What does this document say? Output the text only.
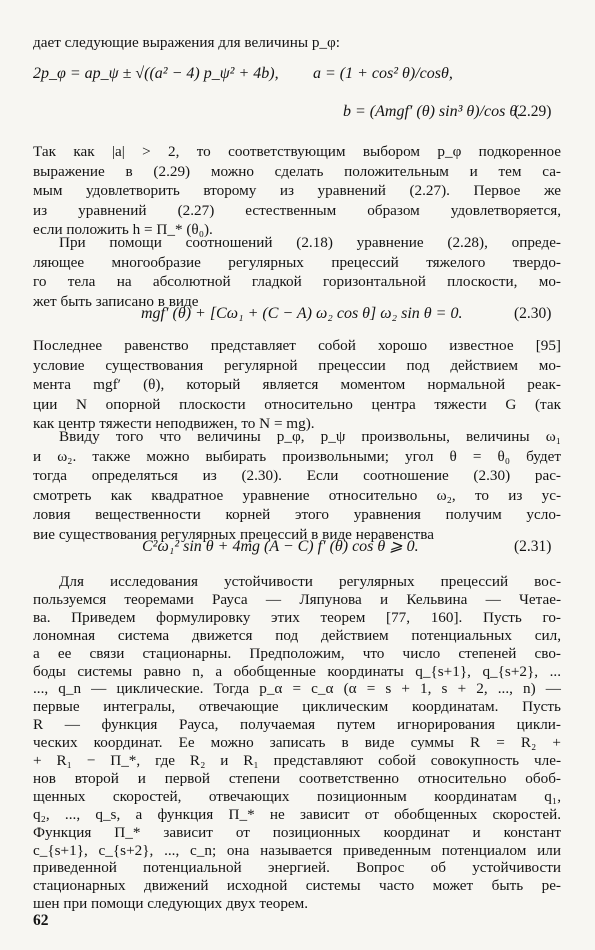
дает следующие выражения для величины p_φ:
2p_φ = ap_ψ ± √((a² − 4) p_ψ² + 4b), a = (1 + cos² θ)/cosθ,
b = (Amgf′ (θ) sin³ θ)/cos θ.
(2.29)
Так как |a| > 2, то соответствующим выбором p_φ подкоренное
выражение в (2.29) можно сделать положительным и тем са-
мым удовлетворить второму из уравнений (2.27). Первое же
из уравнений (2.27) естественным образом удовлетворяется,
если положить h = Π_* (θ₀).
При помощи соотношений (2.18) уравнение (2.28), опреде-
ляющее многообразие регулярных прецессий тяжелого твердо-
го тела на абсолютной гладкой горизонтальной плоскости, мо-
жет быть записано в виде
mgf′ (θ) + [Cω₁ + (C − A) ω₂ cos θ] ω₂ sin θ = 0.	(2.30)
Последнее равенство представляет собой хорошо известное [95]
условие существования регулярной прецессии под действием мо-
мента mgf′ (θ), который является моментом нормальной реак-
ции N опорной плоскости относительно центра тяжести G (так
как центр тяжести неподвижен, то N = mg).
Ввиду того что величины p_φ, p_ψ произвольны, величины ω₁
и ω₂. также можно выбирать произвольными; угол θ = θ₀ будет
тогда определяться из (2.30). Если соотношение (2.30) рас-
смотреть как квадратное уравнение относительно ω₂, то из ус-
ловия вещественности корней этого уравнения получим усло-
вие существования регулярных прецессий в виде неравенства
C²ω₁² sin θ + 4mg (A − C) f′ (θ) cos θ ⩾ 0.	(2.31)
Для исследования устойчивости регулярных прецессий вос-
пользуемся теоремами Рауса — Ляпунова и Кельвина — Четае-
ва. Приведем формулировку этих теорем [77, 160]. Пусть го-
лономная система движется под действием потенциальных сил,
а ее связи стационарны. Предположим, что число степеней сво-
боды системы равно n, а обобщенные координаты q_{s+1}, q_{s+2}, ...
..., q_n — циклические. Тогда p_α = c_α (α = s + 1, s + 2, ..., n) —
первые интегралы, отвечающие циклическим координатам. Пусть
R — функция Рауса, получаемая путем игнорирования цикли-
ческих координат. Ее можно записать в виде суммы R = R₂ +
+ R₁ − Π_*, где R₂ и R₁ представляют собой совокупность чле-
нов второй и первой степени соответственно относительно обоб-
щенных скоростей, отвечающих позиционным координатам q₁,
q₂, ..., q_s, а функция Π_* не зависит от обобщенных скоростей.
Функция Π_* зависит от позиционных координат и констант
c_{s+1}, c_{s+2}, ..., c_n; она называется приведенным потенциалом или
приведенной потенциальной энергией. Вопрос об устойчивости
стационарных движений исходной системы часто может быть ре-
шен при помощи следующих двух теорем.
62
